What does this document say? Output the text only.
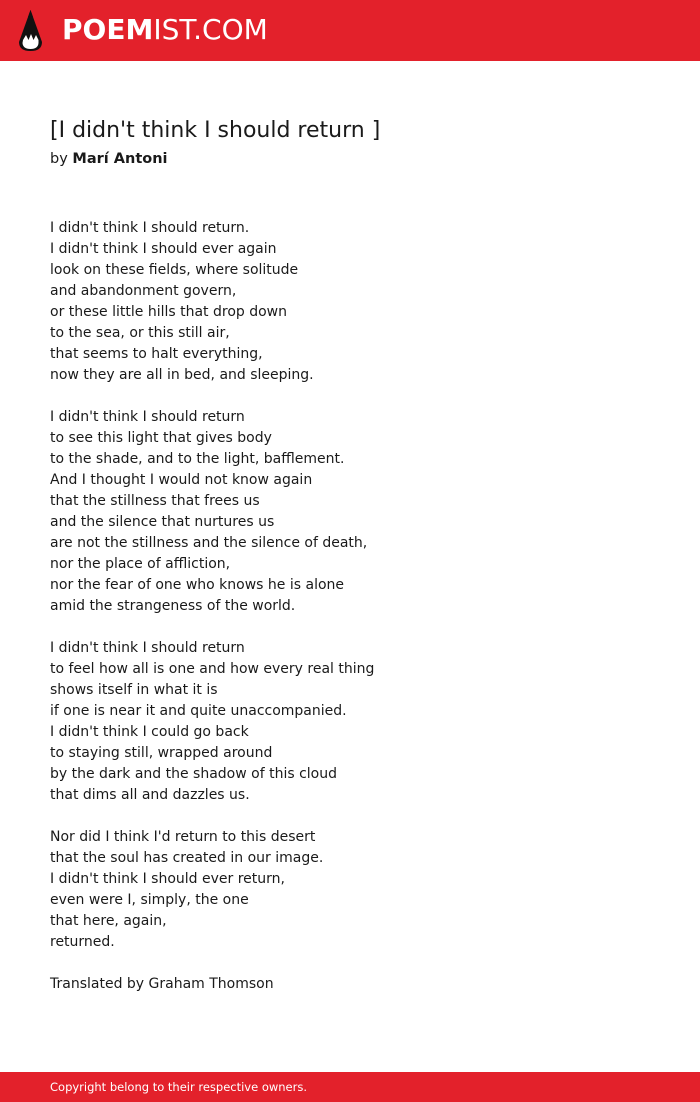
POEMIST.COM
[I didn't think I should return ]

by Marí Antoni

I didn't think I should return.
I didn't think I should ever again
look on these fields, where solitude
and abandonment govern,
or these little hills that drop down
to the sea, or this still air,
that seems to halt everything,
now they are all in bed, and sleeping.

I didn't think I should return
to see this light that gives body
to the shade, and to the light, bafflement.
And I thought I would not know again
that the stillness that frees us
and the silence that nurtures us
are not the stillness and the silence of death,
nor the place of affliction,
nor the fear of one who knows he is alone
amid the strangeness of the world.

I didn't think I should return
to feel how all is one and how every real thing
shows itself in what it is
if one is near it and quite unaccompanied.
I didn't think I could go back
to staying still, wrapped around
by the dark and the shadow of this cloud
that dims all and dazzles us.

Nor did I think I'd return to this desert
that the soul has created in our image.
I didn't think I should ever return,
even were I, simply, the one
that here, again,
returned.

Translated by Graham Thomson
Copyright belong to their respective owners.
